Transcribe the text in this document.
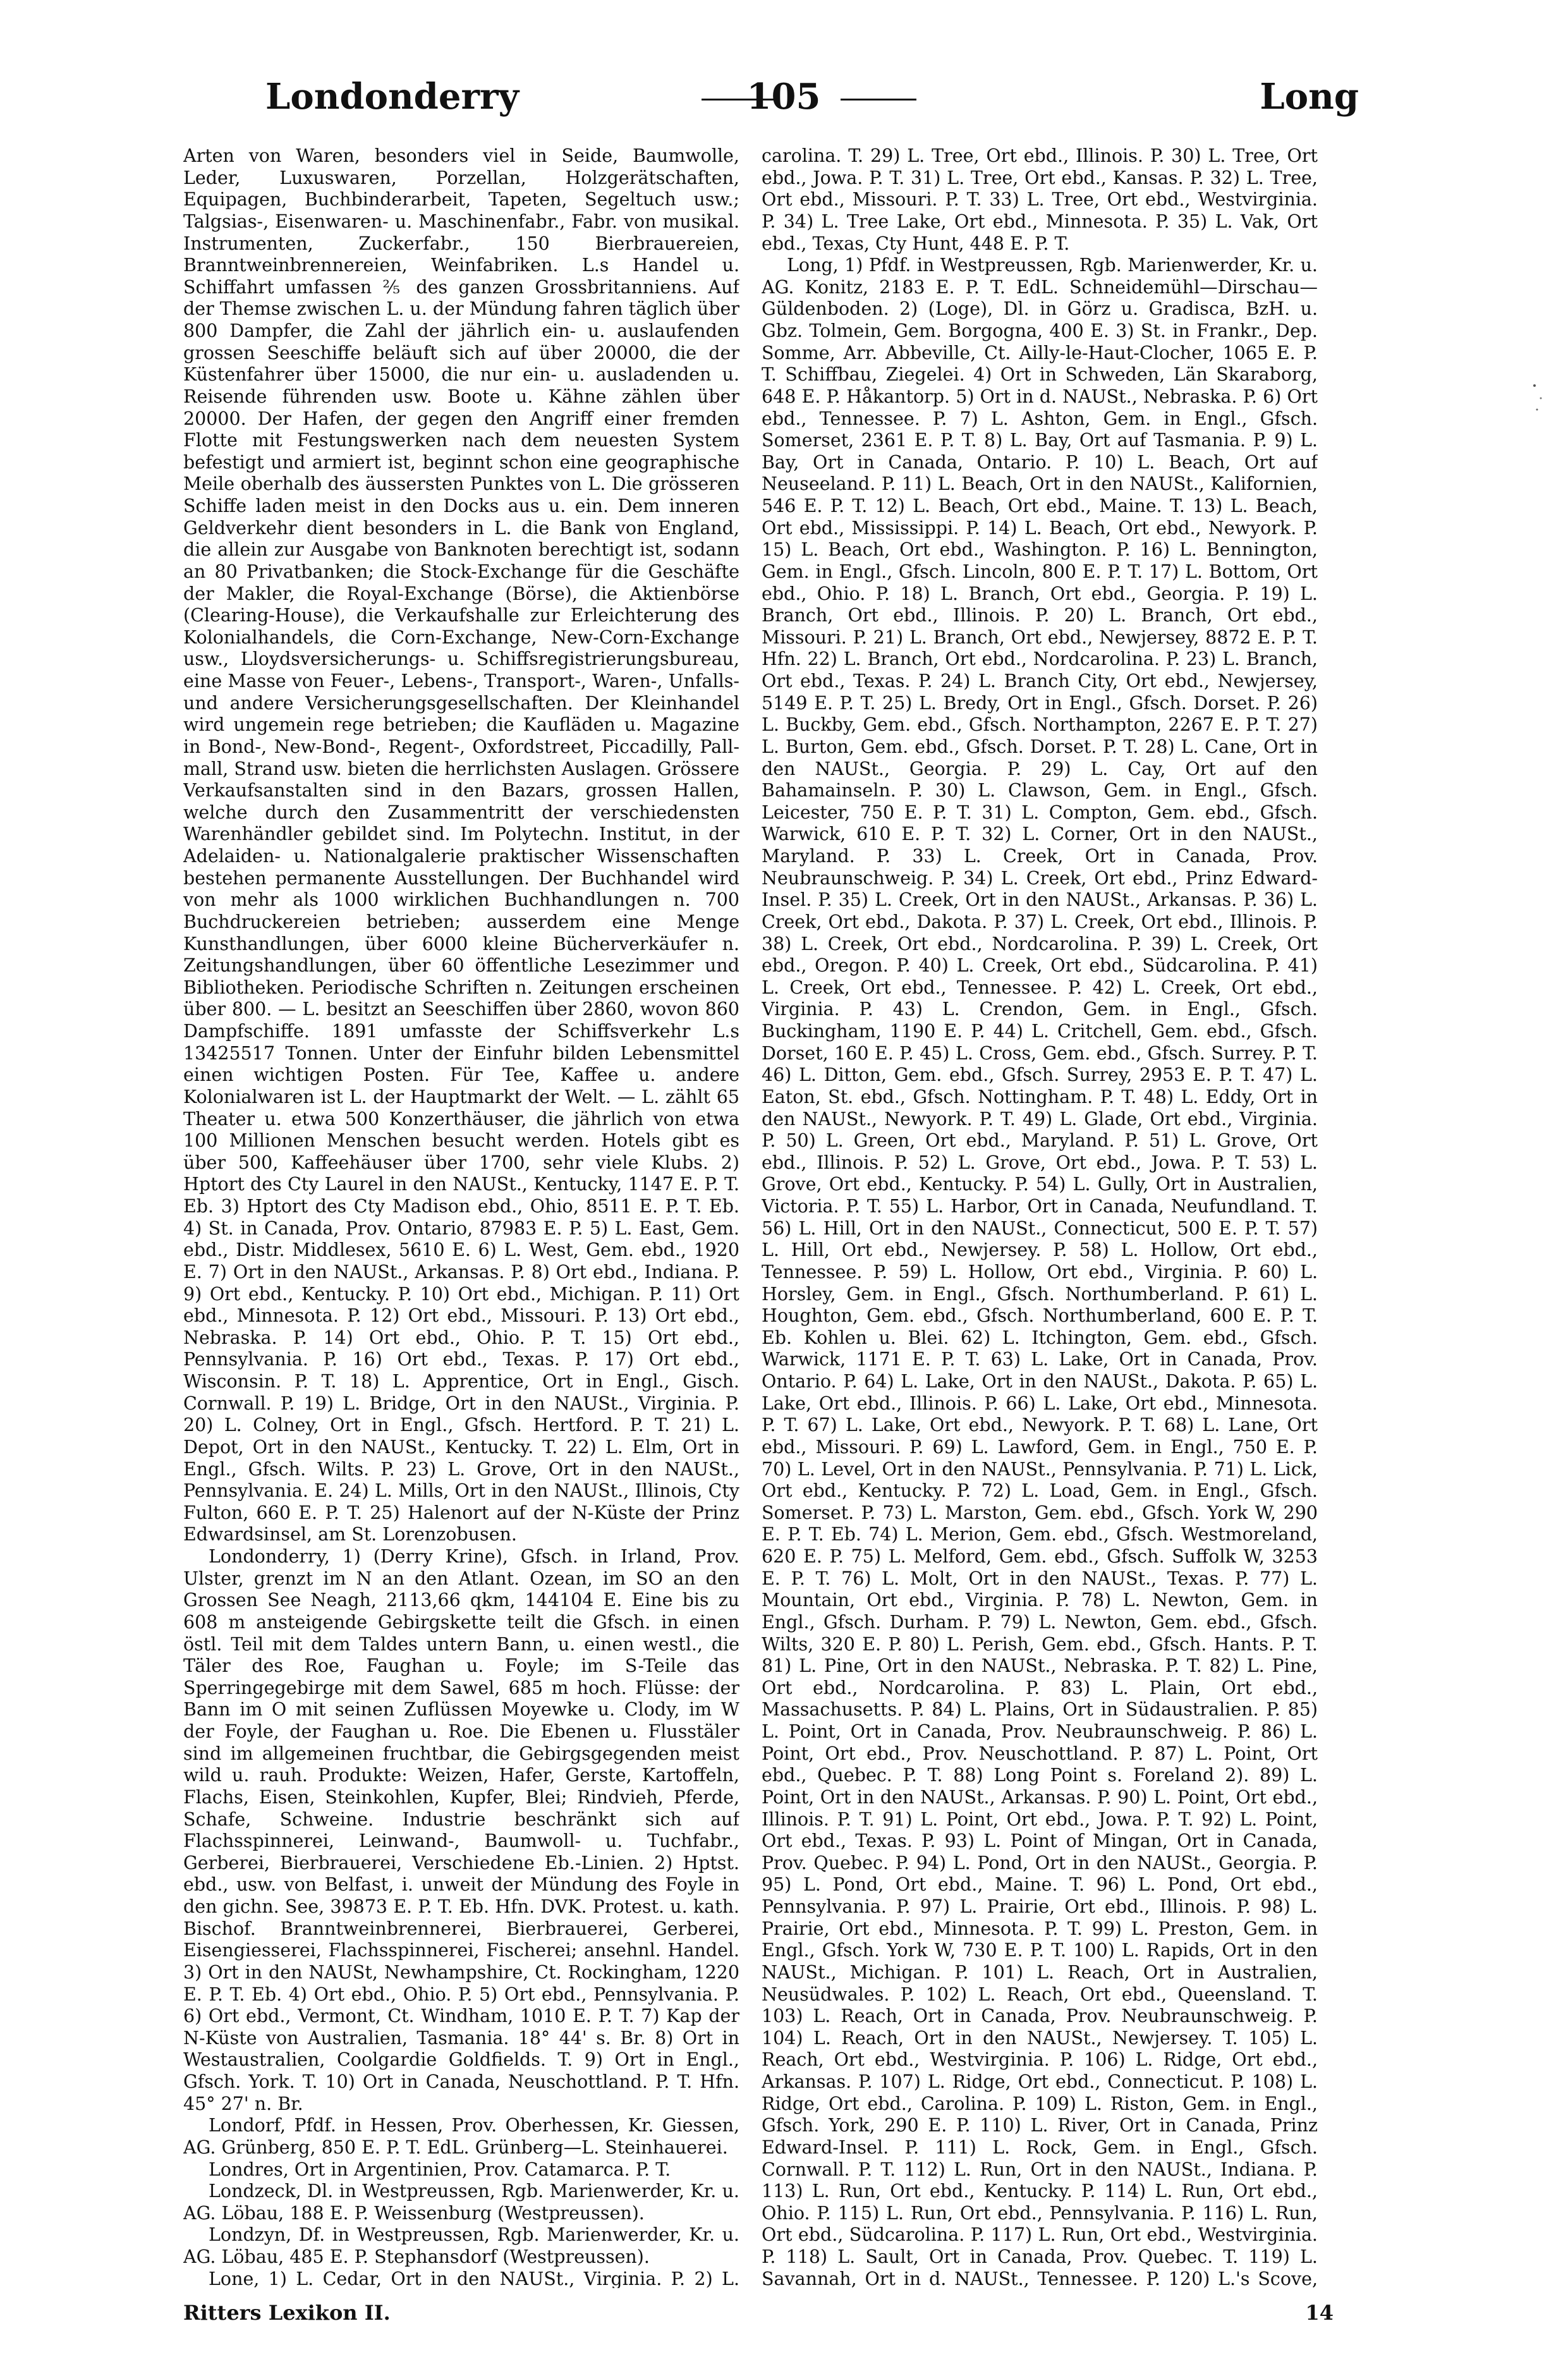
Londonderry	105	Long

Arten von Waren, besonders viel in Seide, Baumwolle, Leder, Luxuswaren, Porzellan, Holzgerätschaften, Equipagen, Buchbinderarbeit, Tapeten, Segeltuch usw.; Talgsias-, Eisenwaren- u. Maschinenfabr., Fabr. von musikal. Instrumenten, Zuckerfabr., 150 Bierbrauereien, Branntweinbrennereien, Weinfabriken. L.s Handel u. Schiffahrt umfassen ⅖ des ganzen Grossbritanniens. Auf der Themse zwischen L. u. der Mündung fahren täglich über 800 Dampfer, die Zahl der jährlich ein- u. auslaufenden grossen Seeschiffe beläuft sich auf über 20000, die der Küstenfahrer über 15000, die nur ein- u. ausladenden u. Reisende führenden usw. Boote u. Kähne zählen über 20000. Der Hafen, der gegen den Angriff einer fremden Flotte mit Festungswerken nach dem neuesten System befestigt und armiert ist, beginnt schon eine geographische Meile oberhalb des äussersten Punktes von L. Die grösseren Schiffe laden meist in den Docks aus u. ein. Dem inneren Geldverkehr dient besonders in L. die Bank von England, die allein zur Ausgabe von Banknoten berechtigt ist, sodann an 80 Privatbanken; die Stock-Exchange für die Geschäfte der Makler, die Royal-Exchange (Börse), die Aktienbörse (Clearing-House), die Verkaufshalle zur Erleichterung des Kolonialhandels, die Corn-Exchange, New-Corn-Exchange usw., Lloydsversicherungs- u. Schiffsregistrierungsbureau, eine Masse von Feuer-, Lebens-, Transport-, Waren-, Unfalls- und andere Versicherungsgesellschaften. Der Kleinhandel wird ungemein rege betrieben; die Kaufläden u. Magazine in Bond-, New-Bond-, Regent-, Oxfordstreet, Piccadilly, Pall-mall, Strand usw. bieten die herrlichsten Auslagen. Grössere Verkaufsanstalten sind in den Bazars, grossen Hallen, welche durch den Zusammentritt der verschiedensten Warenhändler gebildet sind. Im Polytechn. Institut, in der Adelaiden- u. Nationalgalerie praktischer Wissenschaften bestehen permanente Ausstellungen. Der Buchhandel wird von mehr als 1000 wirklichen Buchhandlungen n. 700 Buchdruckereien betrieben; ausserdem eine Menge Kunsthandlungen, über 6000 kleine Bücherverkäufer n. Zeitungshandlungen, über 60 öffentliche Lesezimmer und Bibliotheken. Periodische Schriften n. Zeitungen erscheinen über 800. — L. besitzt an Seeschiffen über 2860, wovon 860 Dampfschiffe. 1891 umfasste der Schiffsverkehr L.s 13425517 Tonnen. Unter der Einfuhr bilden Lebensmittel einen wichtigen Posten. Für Tee, Kaffee u. andere Kolonialwaren ist L. der Hauptmarkt der Welt. — L. zählt 65 Theater u. etwa 500 Konzerthäuser, die jährlich von etwa 100 Millionen Menschen besucht werden. Hotels gibt es über 500, Kaffeehäuser über 1700, sehr viele Klubs. 2) Hptort des Cty Laurel in den NAUSt., Kentucky, 1147 E. P. T. Eb. 3) Hptort des Cty Madison ebd., Ohio, 8511 E. P. T. Eb. 4) St. in Canada, Prov. Ontario, 87983 E. P. 5) L. East, Gem. ebd., Distr. Middlesex, 5610 E. 6) L. West, Gem. ebd., 1920 E. 7) Ort in den NAUSt., Arkansas. P. 8) Ort ebd., Indiana. P. 9) Ort ebd., Kentucky. P. 10) Ort ebd., Michigan. P. 11) Ort ebd., Minnesota. P. 12) Ort ebd., Missouri. P. 13) Ort ebd., Nebraska. P. 14) Ort ebd., Ohio. P. T. 15) Ort ebd., Pennsylvania. P. 16) Ort ebd., Texas. P. 17) Ort ebd., Wisconsin. P. T. 18) L. Apprentice, Ort in Engl., Gisch. Cornwall. P. 19) L. Bridge, Ort in den NAUSt., Virginia. P. 20) L. Colney, Ort in Engl., Gfsch. Hertford. P. T. 21) L. Depot, Ort in den NAUSt., Kentucky. T. 22) L. Elm, Ort in Engl., Gfsch. Wilts. P. 23) L. Grove, Ort in den NAUSt., Pennsylvania. E. 24) L. Mills, Ort in den NAUSt., Illinois, Cty Fulton, 660 E. P. T. 25) Halenort auf der N-Küste der Prinz Edwardsinsel, am St. Lorenzobusen.

Londonderry, 1) (Derry Krine), Gfsch. in Irland, Prov. Ulster, grenzt im N an den Atlant. Ozean, im SO an den Grossen See Neagh, 2113,66 qkm, 144104 E. Eine bis zu 608 m ansteigende Gebirgskette teilt die Gfsch. in einen östl. Teil mit dem Taldes untern Bann, u. einen westl., die Täler des Roe, Faughan u. Foyle; im S-Teile das Sperringegebirge mit dem Sawel, 685 m hoch. Flüsse: der Bann im O mit seinen Zuflüssen Moyewke u. Clody, im W der Foyle, der Faughan u. Roe. Die Ebenen u. Flusstäler sind im allgemeinen fruchtbar, die Gebirgsgegenden meist wild u. rauh. Produkte: Weizen, Hafer, Gerste, Kartoffeln, Flachs, Eisen, Steinkohlen, Kupfer, Blei; Rindvieh, Pferde, Schafe, Schweine. Industrie beschränkt sich auf Flachsspinnerei, Leinwand-, Baumwoll- u. Tuchfabr., Gerberei, Bierbrauerei, Verschiedene Eb.-Linien. 2) Hptst. ebd., usw. von Belfast, i. unweit der Mündung des Foyle in den gichn. See, 39873 E. P. T. Eb. Hfn. DVK. Protest. u. kath. Bischof. Branntweinbrennerei, Bierbrauerei, Gerberei, Eisengiesserei, Flachsspinnerei, Fischerei; ansehnl. Handel. 3) Ort in den NAUSt, Newhampshire, Ct. Rockingham, 1220 E. P. T. Eb. 4) Ort ebd., Ohio. P. 5) Ort ebd., Pennsylvania. P. 6) Ort ebd., Vermont, Ct. Windham, 1010 E. P. T. 7) Kap der N-Küste von Australien, Tasmania. 18° 44' s. Br. 8) Ort in Westaustralien, Coolgardie Goldfields. T. 9) Ort in Engl., Gfsch. York. T. 10) Ort in Canada, Neuschottland. P. T. Hfn. 45° 27' n. Br.

Londorf, Pfdf. in Hessen, Prov. Oberhessen, Kr. Giessen, AG. Grünberg, 850 E. P. T. EdL. Grünberg—L. Steinhauerei.

Londres, Ort in Argentinien, Prov. Catamarca. P. T.

Londzeck, Dl. in Westpreussen, Rgb. Marienwerder, Kr. u. AG. Löbau, 188 E. P. Weissenburg (Westpreussen).

Londzyn, Df. in Westpreussen, Rgb. Marienwerder, Kr. u. AG. Löbau, 485 E. P. Stephansdorf (Westpreussen).

Lone, 1) L. Cedar, Ort in den NAUSt., Virginia. P. 2) L.

carolina. T. 29) L. Tree, Ort ebd., Illinois. P. 30) L. Tree, Ort ebd., Jowa. P. T. 31) L. Tree, Ort ebd., Kansas. P. 32) L. Tree, Ort ebd., Missouri. P. T. 33) L. Tree, Ort ebd., Westvirginia. P. 34) L. Tree Lake, Ort ebd., Minnesota. P. 35) L. Vak, Ort ebd., Texas, Cty Hunt, 448 E. P. T.

Long, 1) Pfdf. in Westpreussen, Rgb. Marienwerder, Kr. u. AG. Konitz, 2183 E. P. T. EdL. Schneidemühl—Dirschau—Güldenboden. 2) (Loge), Dl. in Görz u. Gradisca, BzH. u. Gbz. Tolmein, Gem. Borgogna, 400 E. 3) St. in Frankr., Dep. Somme, Arr. Abbeville, Ct. Ailly-le-Haut-Clocher, 1065 E. P. T. Schiffbau, Ziegelei. 4) Ort in Schweden, Län Skaraborg, 648 E. P. Håkantorp. 5) Ort in d. NAUSt., Nebraska. P. 6) Ort ebd., Tennessee. P. 7) L. Ashton, Gem. in Engl., Gfsch. Somerset, 2361 E. P. T. 8) L. Bay, Ort auf Tasmania. P. 9) L. Bay, Ort in Canada, Ontario. P. 10) L. Beach, Ort auf Neuseeland. P. 11) L. Beach, Ort in den NAUSt., Kalifornien, 546 E. P. T. 12) L. Beach, Ort ebd., Maine. T. 13) L. Beach, Ort ebd., Mississippi. P. 14) L. Beach, Ort ebd., Newyork. P. 15) L. Beach, Ort ebd., Washington. P. 16) L. Bennington, Gem. in Engl., Gfsch. Lincoln, 800 E. P. T. 17) L. Bottom, Ort ebd., Ohio. P. 18) L. Branch, Ort ebd., Georgia. P. 19) L. Branch, Ort ebd., Illinois. P. 20) L. Branch, Ort ebd., Missouri. P. 21) L. Branch, Ort ebd., Newjersey, 8872 E. P. T. Hfn. 22) L. Branch, Ort ebd., Nordcarolina. P. 23) L. Branch, Ort ebd., Texas. P. 24) L. Branch City, Ort ebd., Newjersey, 5149 E. P. T. 25) L. Bredy, Ort in Engl., Gfsch. Dorset. P. 26) L. Buckby, Gem. ebd., Gfsch. Northampton, 2267 E. P. T. 27) L. Burton, Gem. ebd., Gfsch. Dorset. P. T. 28) L. Cane, Ort in den NAUSt., Georgia. P. 29) L. Cay, Ort auf den Bahamainseln. P. 30) L. Clawson, Gem. in Engl., Gfsch. Leicester, 750 E. P. T. 31) L. Compton, Gem. ebd., Gfsch. Warwick, 610 E. P. T. 32) L. Corner, Ort in den NAUSt., Maryland. P. 33) L. Creek, Ort in Canada, Prov. Neubraunschweig. P. 34) L. Creek, Ort ebd., Prinz Edward-Insel. P. 35) L. Creek, Ort in den NAUSt., Arkansas. P. 36) L. Creek, Ort ebd., Dakota. P. 37) L. Creek, Ort ebd., Illinois. P. 38) L. Creek, Ort ebd., Nordcarolina. P. 39) L. Creek, Ort ebd., Oregon. P. 40) L. Creek, Ort ebd., Südcarolina. P. 41) L. Creek, Ort ebd., Tennessee. P. 42) L. Creek, Ort ebd., Virginia. P. 43) L. Crendon, Gem. in Engl., Gfsch. Buckingham, 1190 E. P. 44) L. Critchell, Gem. ebd., Gfsch. Dorset, 160 E. P. 45) L. Cross, Gem. ebd., Gfsch. Surrey. P. T. 46) L. Ditton, Gem. ebd., Gfsch. Surrey, 2953 E. P. T. 47) L. Eaton, St. ebd., Gfsch. Nottingham. P. T. 48) L. Eddy, Ort in den NAUSt., Newyork. P. T. 49) L. Glade, Ort ebd., Virginia. P. 50) L. Green, Ort ebd., Maryland. P. 51) L. Grove, Ort ebd., Illinois. P. 52) L. Grove, Ort ebd., Jowa. P. T. 53) L. Grove, Ort ebd., Kentucky. P. 54) L. Gully, Ort in Australien, Victoria. P. T. 55) L. Harbor, Ort in Canada, Neufundland. T. 56) L. Hill, Ort in den NAUSt., Connecticut, 500 E. P. T. 57) L. Hill, Ort ebd., Newjersey. P. 58) L. Hollow, Ort ebd., Tennessee. P. 59) L. Hollow, Ort ebd., Virginia. P. 60) L. Horsley, Gem. in Engl., Gfsch. Northumberland. P. 61) L. Houghton, Gem. ebd., Gfsch. Northumberland, 600 E. P. T. Eb. Kohlen u. Blei. 62) L. Itchington, Gem. ebd., Gfsch. Warwick, 1171 E. P. T. 63) L. Lake, Ort in Canada, Prov. Ontario. P. 64) L. Lake, Ort in den NAUSt., Dakota. P. 65) L. Lake, Ort ebd., Illinois. P. 66) L. Lake, Ort ebd., Minnesota. P. T. 67) L. Lake, Ort ebd., Newyork. P. T. 68) L. Lane, Ort ebd., Missouri. P. 69) L. Lawford, Gem. in Engl., 750 E. P. 70) L. Level, Ort in den NAUSt., Pennsylvania. P. 71) L. Lick, Ort ebd., Kentucky. P. 72) L. Load, Gem. in Engl., Gfsch. Somerset. P. 73) L. Marston, Gem. ebd., Gfsch. York W, 290 E. P. T. Eb. 74) L. Merion, Gem. ebd., Gfsch. Westmoreland, 620 E. P. 75) L. Melford, Gem. ebd., Gfsch. Suffolk W, 3253 E. P. T. 76) L. Molt, Ort in den NAUSt., Texas. P. 77) L. Mountain, Ort ebd., Virginia. P. 78) L. Newton, Gem. in Engl., Gfsch. Durham. P. 79) L. Newton, Gem. ebd., Gfsch. Wilts, 320 E. P. 80) L. Perish, Gem. ebd., Gfsch. Hants. P. T. 81) L. Pine, Ort in den NAUSt., Nebraska. P. T. 82) L. Pine, Ort ebd., Nordcarolina. P. 83) L. Plain, Ort ebd., Massachusetts. P. 84) L. Plains, Ort in Südaustralien. P. 85) L. Point, Ort in Canada, Prov. Neubraunschweig. P. 86) L. Point, Ort ebd., Prov. Neuschottland. P. 87) L. Point, Ort ebd., Quebec. P. T. 88) Long Point s. Foreland 2). 89) L. Point, Ort in den NAUSt., Arkansas. P. 90) L. Point, Ort ebd., Illinois. P. T. 91) L. Point, Ort ebd., Jowa. P. T. 92) L. Point, Ort ebd., Texas. P. 93) L. Point of Mingan, Ort in Canada, Prov. Quebec. P. 94) L. Pond, Ort in den NAUSt., Georgia. P. 95) L. Pond, Ort ebd., Maine. T. 96) L. Pond, Ort ebd., Pennsylvania. P. 97) L. Prairie, Ort ebd., Illinois. P. 98) L. Prairie, Ort ebd., Minnesota. P. T. 99) L. Preston, Gem. in Engl., Gfsch. York W, 730 E. P. T. 100) L. Rapids, Ort in den NAUSt., Michigan. P. 101) L. Reach, Ort in Australien, Neusüdwales. P. 102) L. Reach, Ort ebd., Queensland. T. 103) L. Reach, Ort in Canada, Prov. Neubraunschweig. P. 104) L. Reach, Ort in den NAUSt., Newjersey. T. 105) L. Reach, Ort ebd., Westvirginia. P. 106) L. Ridge, Ort ebd., Arkansas. P. 107) L. Ridge, Ort ebd., Connecticut. P. 108) L. Ridge, Ort ebd., Carolina. P. 109) L. Riston, Gem. in Engl., Gfsch. York, 290 E. P. 110) L. River, Ort in Canada, Prinz Edward-Insel. P. 111) L. Rock, Gem. in Engl., Gfsch. Cornwall. P. T. 112) L. Run, Ort in den NAUSt., Indiana. P. 113) L. Run, Ort ebd., Kentucky. P. 114) L. Run, Ort ebd., Ohio. P. 115) L. Run, Ort ebd., Pennsylvania. P. 116) L. Run, Ort ebd., Südcarolina. P. 117) L. Run, Ort ebd., Westvirginia. P. 118) L. Sault, Ort in Canada, Prov. Quebec. T. 119) L. Savannah, Ort in d. NAUSt., Tennessee. P. 120) L.'s Scove,

Ritters Lexikon II.	14
